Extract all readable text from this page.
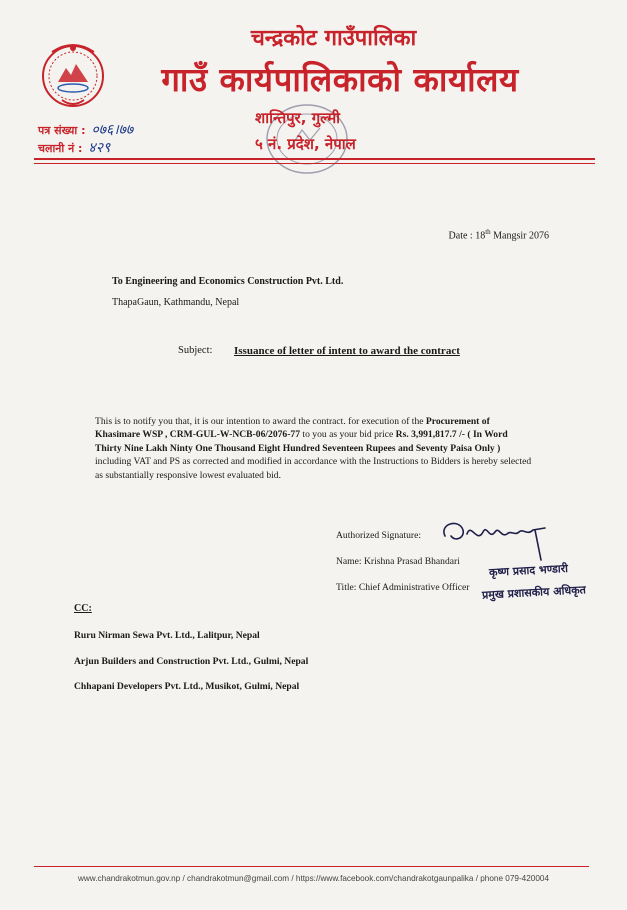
चन्द्रकोट गाउँपालिका
गाउँ कार्यपालिकाको कार्यालय
शान्तिपुर, गुल्मी
५ नं. प्रदेश, नेपाल
पत्र संख्या : ०७६।७७
चलानी नं : ४२९
Date : 18th Mangsir 2076
To Engineering and Economics Construction Pvt. Ltd.
ThapaGaun, Kathmandu, Nepal
Subject: Issuance of letter of intent to award the contract
This is to notify you that, it is our intention to award the contract. for execution of the Procurement of Khasimare WSP , CRM-GUL-W-NCB-06/2076-77 to you as your bid price Rs. 3,991,817.7 /- ( In Word Thirty Nine Lakh Ninty One Thousand Eight Hundred Seventeen Rupees and Seventy Paisa Only ) including VAT and PS as corrected and modified in accordance with the Instructions to Bidders is hereby selected as substantially responsive lowest evaluated bid.
Authorized Signature:
Name: Krishna Prasad Bhandari
कृष्ण प्रसाद भण्डारी
Title: Chief Administrative Officer प्रमुख प्रशासकीय अधिकृत
CC:
Ruru Nirman Sewa Pvt. Ltd., Lalitpur, Nepal
Arjun Builders and Construction Pvt. Ltd., Gulmi, Nepal
Chhapani Developers Pvt. Ltd., Musikot, Gulmi, Nepal
www.chandrakotmun.gov.np / chandrakotmun@gmail.com / https://www.facebook.com/chandrakotgaunpalika / phone 079-420004
